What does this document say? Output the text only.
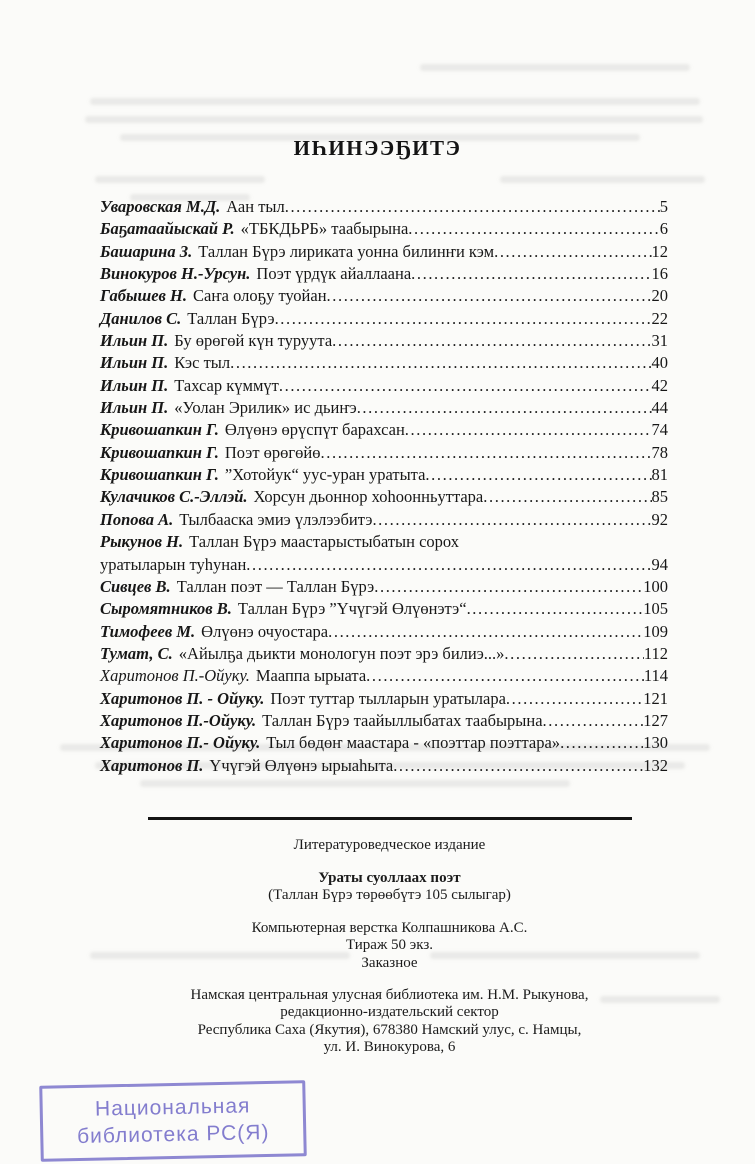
ИҺИНЭЭҔИТЭ
Уваровская М.Д. Аан тыл .....	5
Баҕатаайыскай Р. «ТБКДЬРБ» таабырына .....	6
Башарина З. Таллан Бүрэ лириката уонна билинҥи кэм .....	12
Винокуров Н.-Урсун. Поэт үрдүк айаллаана .....	16
Габышев Н. Саҥа олоҕу туойан .....	20
Данилов С. Таллан Бүрэ .....	22
Ильин П. Бу өрөгөй күн туруута .....	31
Ильин П. Кэс тыл .....	40
Ильин П. Тахсар күммүт .....	42
Ильин П. «Уолан Эрилик» ис дьиҥэ .....	44
Кривошапкин Г. Өлүөнэ өрүспүт барахсан .....	74
Кривошапкин Г. Поэт өрөгөйө .....	78
Кривошапкин Г. ”Хотойук“ уус-уран уратыта .....	81
Кулачиков С.-Эллэй. Хорсун дьоннор хоһоонньуттара .....	85
Попова А. Тылбааска эмиэ үлэлээбитэ .....	92
Рыкунов Н. Таллан Бүрэ маастарыстыбатын сорох
уратыларын туһунан .....	94
Сивцев В. Таллан поэт — Таллан Бүрэ .....	100
Сыромятников В. Таллан Бүрэ ”Үчүгэй Өлүөнэтэ“ .....	105
Тимофеев М. Өлүөнэ очуостара .....	109
Тумат, С. «Айылҕа дьикти монологун поэт эрэ билиэ...» .....	112
Харитонов П.-Ойуку. Мааппа ырыата .....	114
Харитонов П. - Ойуку. Поэт туттар тылларын уратылара .....	121
Харитонов П.-Ойуку. Таллан Бүрэ таайыллыбатах таабырына .....	127
Харитонов П.- Ойуку. Тыл бөдөҥ маастара - «поэттар поэттара» .....	130
Харитонов П. Үчүгэй Өлүөнэ ырыаһыта .....	132
Литературоведческое издание
Ураты суоллаах поэт
(Таллан Бүрэ төрөөбүтэ 105 сылыгар)
Компьютерная верстка Колпашникова А.С.
Тираж 50 экз.
Заказное
Намская центральная улусная библиотека им. Н.М. Рыкунова,
редакционно-издательский сектор
Республика Саха (Якутия), 678380 Намский улус, с. Намцы,
ул. И. Винокурова, 6
Национальная
библиотека РС(Я)
